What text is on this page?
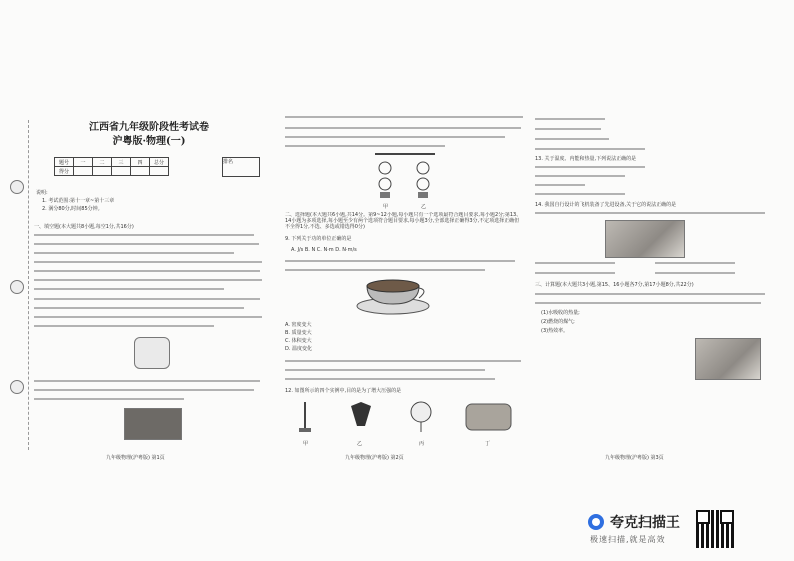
江西省九年级阶段性考试卷
沪粤版·物理(一)
题号	一	二	三	四	总分
得分					
排名
说明:
1. 考试范围:第十一章~第十三章
2. 满分80分,时间85分钟。
一、填空题(本大题共8小题,每空1分,共16分)
九年级物理(沪粤版) 第1页
甲	乙
二、选择题(本大题共6小题,共14分。第9~12小题,每小题只有一个选项最符合题目要求,每小题2分;第13、14小题为多项选择,每小题至少有两个选项符合题目要求,每小题3分,全部选择正确得3分,不定项选择正确但不全得1分,不选、多选或错选得0分)
9. 下列关于功的单位正确的是
A. J/s B. N C. N·m D. N·m/s
A. 密度变大
B. 质量变大
C. 体积变大
D. 温度变化
12. 如图所示的四个实例中,目的是为了增大压强的是
甲	乙	丙	丁
九年级物理(沪粤版) 第2页
13. 关于温度、内能和热量,下列说法正确的是
14. 我国自行设计的飞机装备了先进设备,关于它的说法正确的是
三、计算题(本大题共3小题,第15、16小题各7分,第17小题8分,共22分)
(1)水吸收的热量;
(2)燃烧的煤气;
(3)热效率。
九年级物理(沪粤版) 第3页
夸克扫描王
极速扫描,就是高效
